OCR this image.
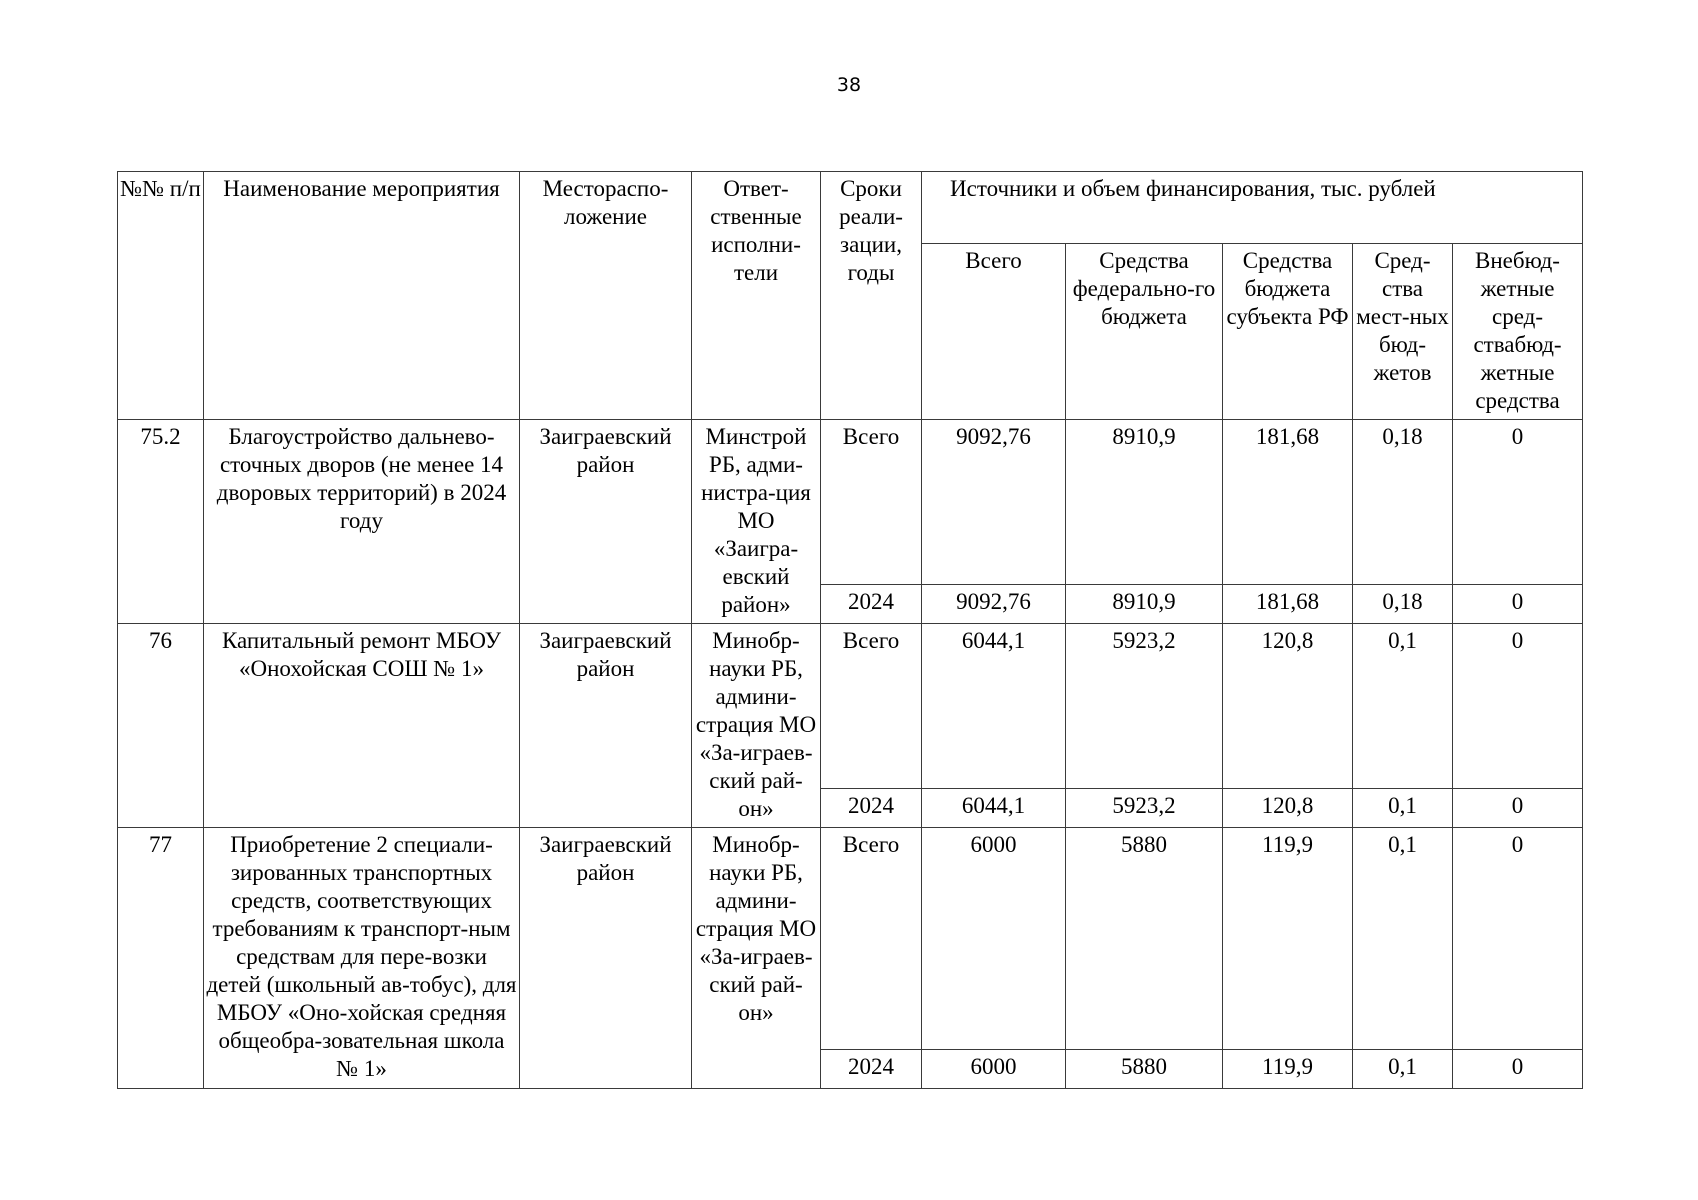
38
№№ п/п	Наименование мероприятия	Местораспо-ложение	Ответ-ственные исполни-тели	Сроки реали-зации, годы	Источники и объем финансирования, тыс. рублей				
					Всего	Средства федерально-го бюджета	Средства бюджета субъекта РФ	Сред-ства мест-ных бюд-жетов	Внебюд-жетные сред-ствабюд-жетные средства
75.2	Благоустройство дальнево-сточных дворов (не менее 14 дворовых территорий) в 2024 году	Заиграевский район	Минстрой РБ, адми-нистра-ция МО «Заигра-евский район»	Всего	9092,76	8910,9	181,68	0,18	0
				2024	9092,76	8910,9	181,68	0,18	0
76	Капитальный ремонт МБОУ «Онохойская СОШ № 1»	Заиграевский район	Минобр-науки РБ, админи-страция МО «За-играев-ский рай-он»	Всего	6044,1	5923,2	120,8	0,1	0
				2024	6044,1	5923,2	120,8	0,1	0
77	Приобретение 2 специали-зированных транспортных средств, соответствующих требованиям к транспорт-ным средствам для пере-возки детей (школьный ав-тобус), для МБОУ «Оно-хойская средняя общеобра-зовательная школа № 1»	Заиграевский район	Минобр-науки РБ, админи-страция МО «За-играев-ский рай-он»	Всего	6000	5880	119,9	0,1	0
				2024	6000	5880	119,9	0,1	0
